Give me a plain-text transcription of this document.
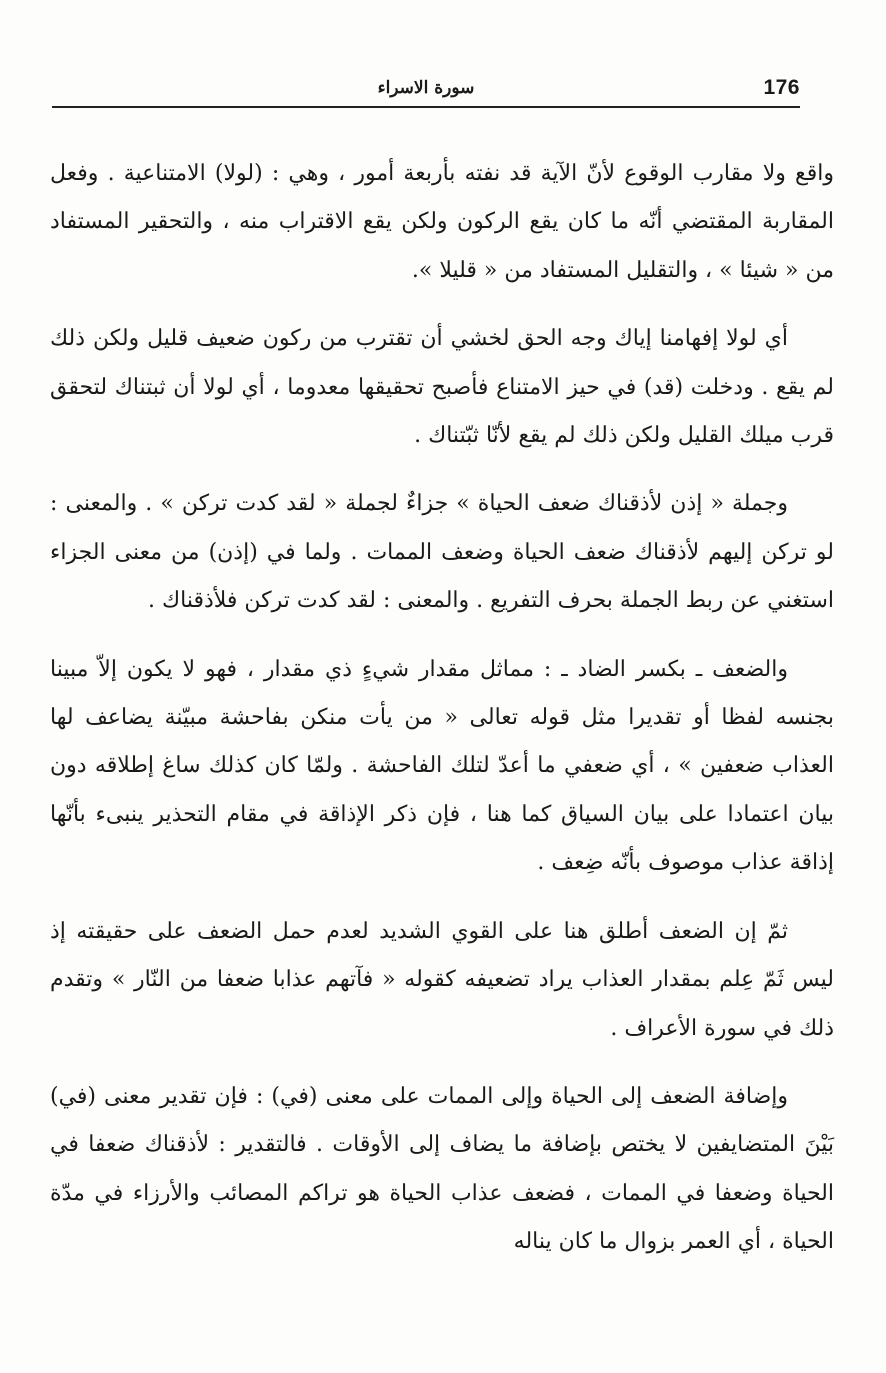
176
سورة الاسراء

واقع ولا مقارب الوقوع لأنّ الآية قد نفته بأربعة أمور ، وهي : (لولا) الامتناعية . وفعل المقاربة المقتضي أنّه ما كان يقع الركون ولكن يقع الاقتراب منه ، والتحقير المستفاد من « شيئا » ، والتقليل المستفاد من « قليلا ».

أي لولا إفهامنا إياك وجه الحق لخشي أن تقترب من ركون ضعيف قليل ولكن ذلك لم يقع . ودخلت (قد) في حيز الامتناع فأصبح تحقيقها معدوما ، أي لولا أن ثبتناك لتحقق قرب ميلك القليل ولكن ذلك لم يقع لأنّا ثبّتناك .

وجملة « إذن لأذقناك ضعف الحياة » جزاءٌ لجملة « لقد كدت تركن » . والمعنى : لو تركن إليهم لأذقناك ضعف الحياة وضعف الممات . ولما في (إذن) من معنى الجزاء استغني عن ربط الجملة بحرف التفريع . والمعنى : لقد كدت تركن فلأذقناك .

والضعف ـ بكسر الضاد ـ : مماثل مقدار شيءٍ ذي مقدار ، فهو لا يكون إلاّ مبينا بجنسه لفظا أو تقديرا مثل قوله تعالى « من يأت منكن بفاحشة مبيّنة يضاعف لها العذاب ضعفين » ، أي ضعفي ما أعدّ لتلك الفاحشة . ولمّا كان كذلك ساغ إطلاقه دون بيان اعتمادا على بيان السياق كما هنا ، فإن ذكر الإذاقة في مقام التحذير ينبىء بأنّها إذاقة عذاب موصوف بأنّه ضِعف .

ثمّ إن الضعف أطلق هنا على القوي الشديد لعدم حمل الضعف على حقيقته إذ ليس ثَمّ عِلم بمقدار العذاب يراد تضعيفه كقوله « فآتهم عذابا ضعفا من النّار » وتقدم ذلك في سورة الأعراف .

وإضافة الضعف إلى الحياة وإلى الممات على معنى (في) : فإن تقدير معنى (في) بَيْنَ المتضايفين لا يختص بإضافة ما يضاف إلى الأوقات . فالتقدير : لأذقناك ضعفا في الحياة وضعفا في الممات ، فضعف عذاب الحياة هو تراكم المصائب والأرزاء في مدّة الحياة ، أي العمر بزوال ما كان يناله
